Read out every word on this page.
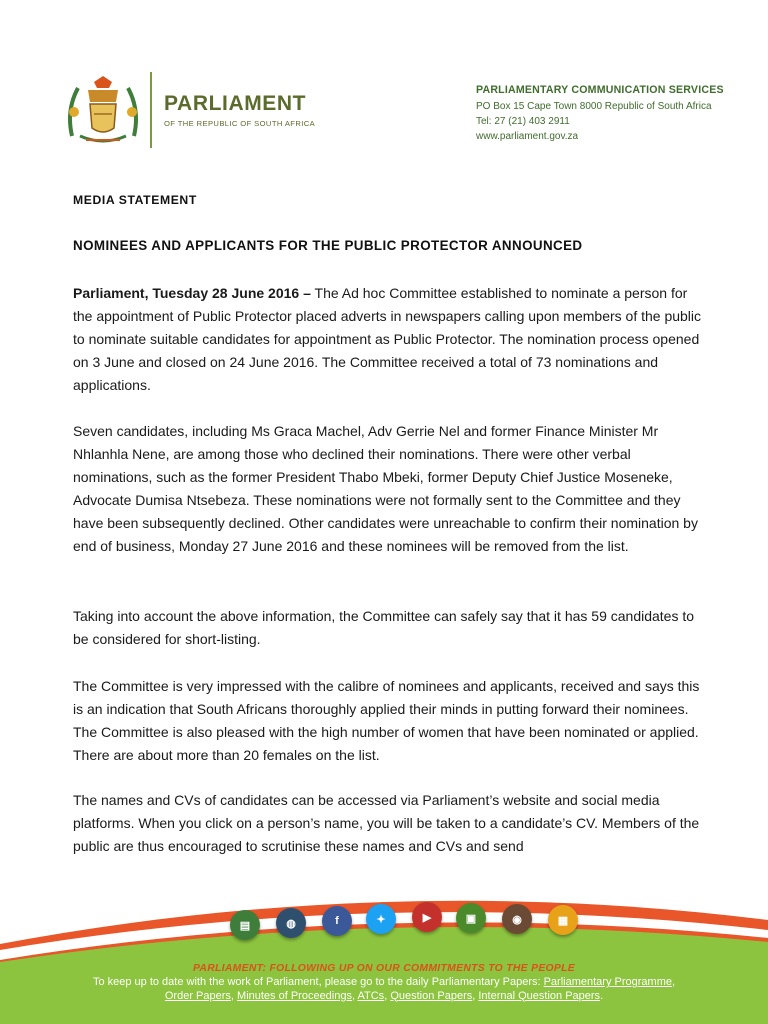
PARLIAMENT
OF THE REPUBLIC OF SOUTH AFRICA
PARLIAMENTARY COMMUNICATION SERVICES
PO Box 15 Cape Town 8000 Republic of South Africa
Tel: 27 (21) 403 2911
www.parliament.gov.za
MEDIA STATEMENT
NOMINEES AND APPLICANTS FOR THE PUBLIC PROTECTOR ANNOUNCED

Parliament, Tuesday 28 June 2016 – The Ad hoc Committee established to nominate a person for the appointment of Public Protector placed adverts in newspapers calling upon members of the public to nominate suitable candidates for appointment as Public Protector. The nomination process opened on 3 June and closed on 24 June 2016. The Committee received a total of 73 nominations and applications.

Seven candidates, including Ms Graca Machel, Adv Gerrie Nel and former Finance Minister Mr Nhlanhla Nene, are among those who declined their nominations. There were other verbal nominations, such as the former President Thabo Mbeki, former Deputy Chief Justice Moseneke, Advocate Dumisa Ntsebeza. These nominations were not formally sent to the Committee and they have been subsequently declined. Other candidates were unreachable to confirm their nomination by end of business, Monday 27 June 2016 and these nominees will be removed from the list.

Taking into account the above information, the Committee can safely say that it has 59 candidates to be considered for short-listing.

The Committee is very impressed with the calibre of nominees and applicants, received and says this is an indication that South Africans thoroughly applied their minds in putting forward their nominees. The Committee is also pleased with the high number of women that have been nominated or applied. There are about more than 20 females on the list.

The names and CVs of candidates can be accessed via Parliament’s website and social media platforms. When you click on a person’s name, you will be taken to a candidate’s CV. Members of the public are thus encouraged to scrutinise these names and CVs and send

▤	◍	f	✦	▶	▣	◉	▦
PARLIAMENT: FOLLOWING UP ON OUR COMMITMENTS TO THE PEOPLE
To keep up to date with the work of Parliament, please go to the daily Parliamentary Papers: Parliamentary Programme,
Order Papers, Minutes of Proceedings, ATCs, Question Papers, Internal Question Papers.
